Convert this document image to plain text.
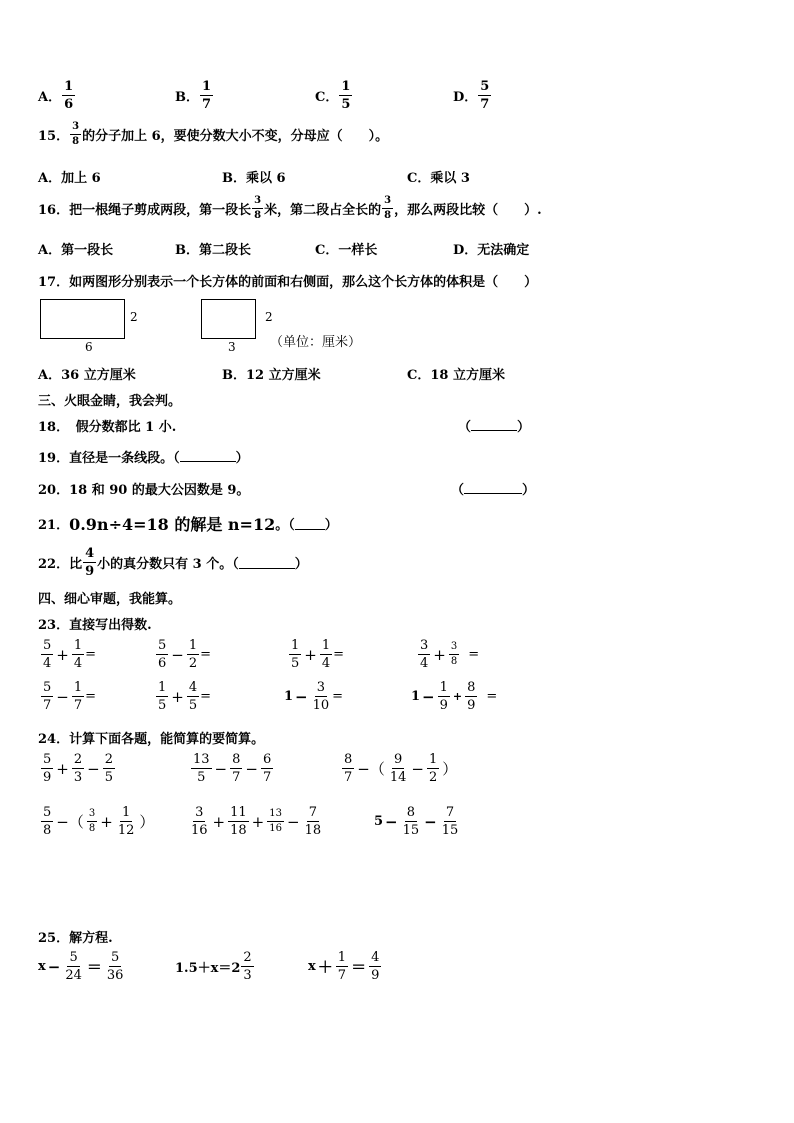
A． $\frac{1}{6}$	B． $\frac{1}{7}$	C． $\frac{1}{5}$	D． $\frac{5}{7}$
15． $\frac{3}{8}$ 的分子加上 6，要使分数大小不变，分母应（　　）。
A．加上 6	B．乘以 6	C．乘以 3
16． 把一根绳子剪成两段，第一段长 $\frac{3}{8}$ 米，第二段占全长的 $\frac{3}{8}$ ，那么两段比较（　　）.
A．第一段长	B．第二段长	C．一样长	D．无法确定
17．如两图形分别表示一个长方体的前面和右侧面，那么这个长方体的体积是（　　）
2
6
2
3	（单位：厘米）
A．36 立方厘米	B．12 立方厘米	C．18 立方厘米
三、火眼金睛，我会判。
18．　假分数都比 1 小.	（	）
19．直径是一条线段。（	）
20．18 和 90 的最大公因数是 9。	（	）
21． 0.9n÷4=18 的解是 n=12 。（ ）
22．比 $\frac{4}{9}$ 小的真分数只有 3 个。（	）
四、细心审题，我能算。
23．直接写出得数.
$\frac{5}{4} + \frac{1}{4}$ =	$\frac{5}{6} - \frac{1}{2}$ =	$\frac{1}{5} + \frac{1}{4}$ =	$\frac{3}{4} + \frac{3}{8}$ =
$\frac{5}{7} - \frac{1}{7}$ =	$\frac{1}{5} + \frac{4}{5}$ =	$1 - \frac{3}{10}$ =	$1 - \frac{1}{9} + \frac{8}{9}$ =
24．计算下面各题，能简算的要简算。
$\frac{5}{9} + \frac{2}{3} - \frac{2}{5}$	$\frac{13}{5} - \frac{8}{7} - \frac{6}{7}$	$\frac{8}{7}$ −（ $\frac{9}{14} - \frac{1}{2}$ ）
$\frac{5}{8}$ −（ $\frac{3}{8} + \frac{1}{12}$ ）	$\frac{3}{16} + \frac{11}{18} + \frac{13}{16} - \frac{7}{18}$	$5 - \frac{8}{15} - \frac{7}{15}$
25．解方程.
$x - \frac{5}{24} = \frac{5}{36}$	$1.5+x=2 \frac{2}{3}$	$x + \frac{1}{7} = \frac{4}{9}$
